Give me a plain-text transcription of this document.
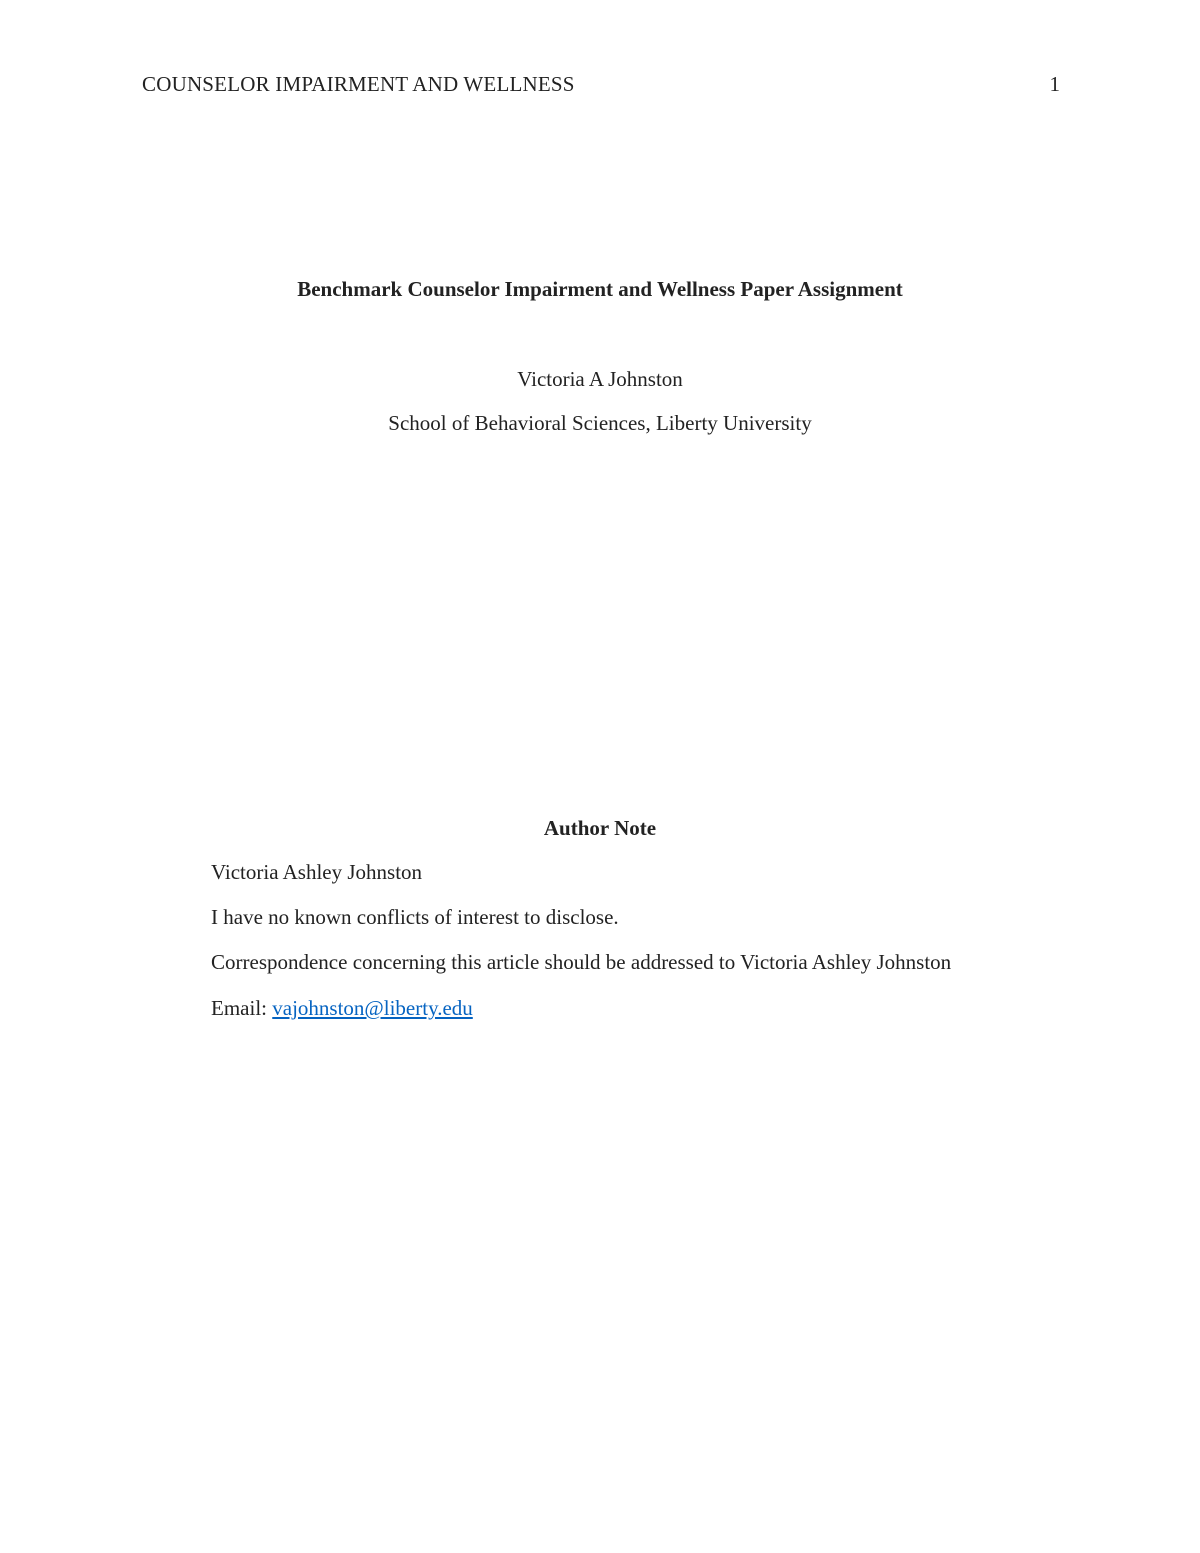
COUNSELOR IMPAIRMENT AND WELLNESS	1
Benchmark Counselor Impairment and Wellness Paper Assignment
Victoria A Johnston
School of Behavioral Sciences, Liberty University
Author Note
Victoria Ashley Johnston
I have no known conflicts of interest to disclose.
Correspondence concerning this article should be addressed to Victoria Ashley Johnston
Email: vajohnston@liberty.edu
